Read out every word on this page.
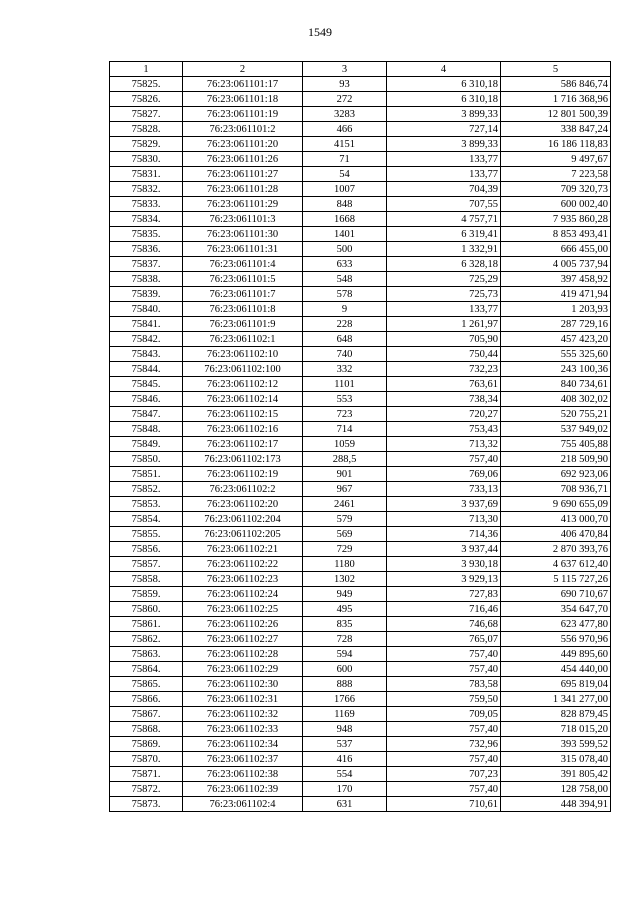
1549
1	2	3	4	5
75825.	76:23:061101:17	93	6 310,18	586 846,74
75826.	76:23:061101:18	272	6 310,18	1 716 368,96
75827.	76:23:061101:19	3283	3 899,33	12 801 500,39
75828.	76:23:061101:2	466	727,14	338 847,24
75829.	76:23:061101:20	4151	3 899,33	16 186 118,83
75830.	76:23:061101:26	71	133,77	9 497,67
75831.	76:23:061101:27	54	133,77	7 223,58
75832.	76:23:061101:28	1007	704,39	709 320,73
75833.	76:23:061101:29	848	707,55	600 002,40
75834.	76:23:061101:3	1668	4 757,71	7 935 860,28
75835.	76:23:061101:30	1401	6 319,41	8 853 493,41
75836.	76:23:061101:31	500	1 332,91	666 455,00
75837.	76:23:061101:4	633	6 328,18	4 005 737,94
75838.	76:23:061101:5	548	725,29	397 458,92
75839.	76:23:061101:7	578	725,73	419 471,94
75840.	76:23:061101:8	9	133,77	1 203,93
75841.	76:23:061101:9	228	1 261,97	287 729,16
75842.	76:23:061102:1	648	705,90	457 423,20
75843.	76:23:061102:10	740	750,44	555 325,60
75844.	76:23:061102:100	332	732,23	243 100,36
75845.	76:23:061102:12	1101	763,61	840 734,61
75846.	76:23:061102:14	553	738,34	408 302,02
75847.	76:23:061102:15	723	720,27	520 755,21
75848.	76:23:061102:16	714	753,43	537 949,02
75849.	76:23:061102:17	1059	713,32	755 405,88
75850.	76:23:061102:173	288,5	757,40	218 509,90
75851.	76:23:061102:19	901	769,06	692 923,06
75852.	76:23:061102:2	967	733,13	708 936,71
75853.	76:23:061102:20	2461	3 937,69	9 690 655,09
75854.	76:23:061102:204	579	713,30	413 000,70
75855.	76:23:061102:205	569	714,36	406 470,84
75856.	76:23:061102:21	729	3 937,44	2 870 393,76
75857.	76:23:061102:22	1180	3 930,18	4 637 612,40
75858.	76:23:061102:23	1302	3 929,13	5 115 727,26
75859.	76:23:061102:24	949	727,83	690 710,67
75860.	76:23:061102:25	495	716,46	354 647,70
75861.	76:23:061102:26	835	746,68	623 477,80
75862.	76:23:061102:27	728	765,07	556 970,96
75863.	76:23:061102:28	594	757,40	449 895,60
75864.	76:23:061102:29	600	757,40	454 440,00
75865.	76:23:061102:30	888	783,58	695 819,04
75866.	76:23:061102:31	1766	759,50	1 341 277,00
75867.	76:23:061102:32	1169	709,05	828 879,45
75868.	76:23:061102:33	948	757,40	718 015,20
75869.	76:23:061102:34	537	732,96	393 599,52
75870.	76:23:061102:37	416	757,40	315 078,40
75871.	76:23:061102:38	554	707,23	391 805,42
75872.	76:23:061102:39	170	757,40	128 758,00
75873.	76:23:061102:4	631	710,61	448 394,91
